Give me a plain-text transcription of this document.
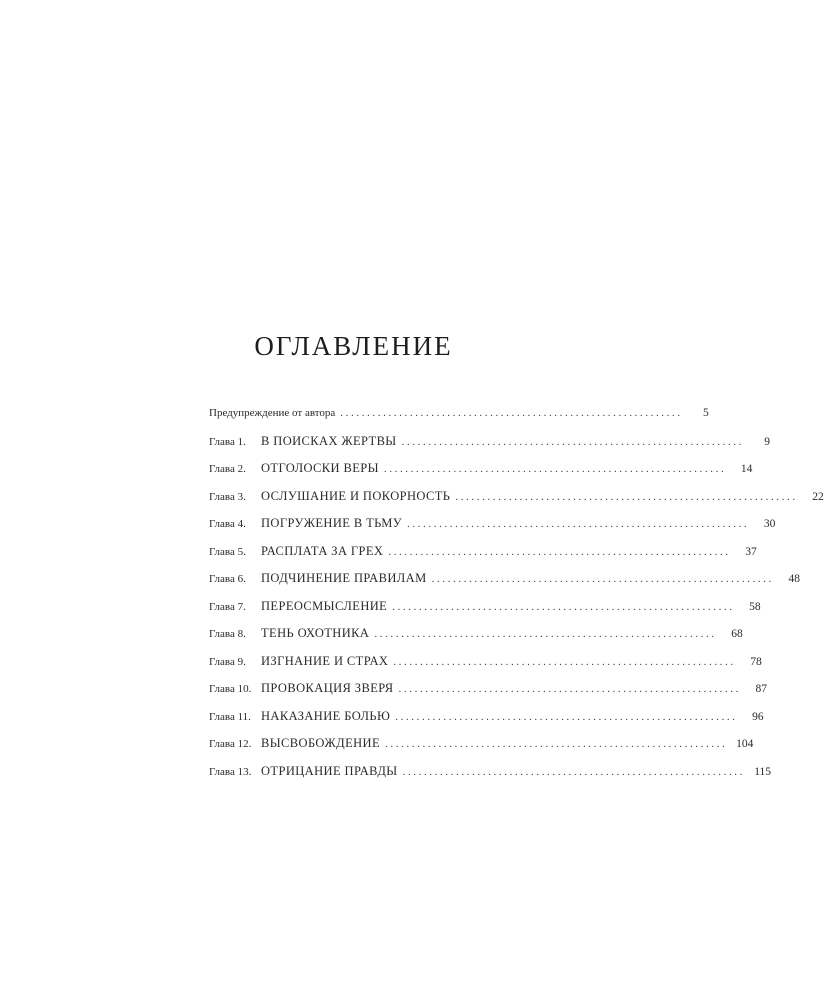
ОГЛАВЛЕНИЕ
Предупреждение от автора ................................................................	5
Глава 1.	В ПОИСКАХ ЖЕРТВЫ ................................................................	9
Глава 2.	ОТГОЛОСКИ ВЕРЫ ................................................................	14
Глава 3.	ОСЛУШАНИЕ И ПОКОРНОСТЬ ................................................................	22
Глава 4.	ПОГРУЖЕНИЕ В ТЬМУ ................................................................	30
Глава 5.	РАСПЛАТА ЗА ГРЕХ ................................................................	37
Глава 6.	ПОДЧИНЕНИЕ ПРАВИЛАМ ................................................................	48
Глава 7.	ПЕРЕОСМЫСЛЕНИЕ ................................................................	58
Глава 8.	ТЕНЬ ОХОТНИКА ................................................................	68
Глава 9.	ИЗГНАНИЕ И СТРАХ ................................................................	78
Глава 10. ПРОВОКАЦИЯ ЗВЕРЯ ................................................................	87
Глава 11. НАКАЗАНИЕ БОЛЬЮ ................................................................	96
Глава 12. ВЫСВОБОЖДЕНИЕ ................................................................ 104
Глава 13. ОТРИЦАНИЕ ПРАВДЫ ................................................................ 115
